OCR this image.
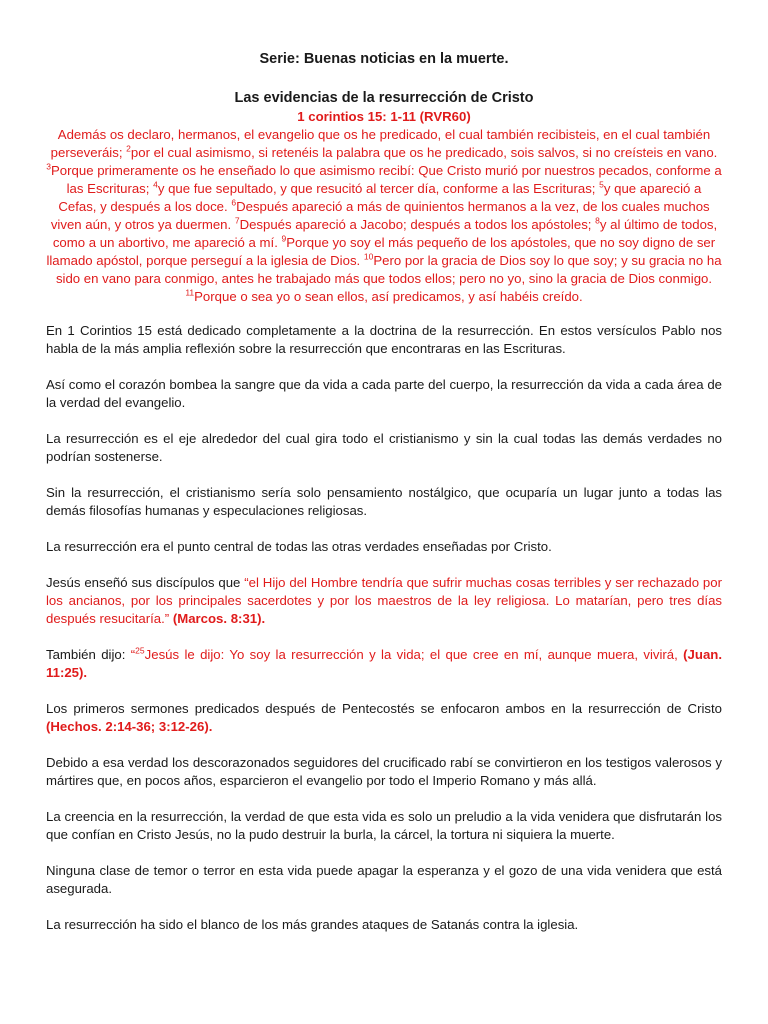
Serie: Buenas noticias en la muerte.
Las evidencias de la resurrección de Cristo
1 corintios 15: 1-11 (RVR60)
Además os declaro, hermanos, el evangelio que os he predicado, el cual también recibisteis, en el cual también perseveráis; $^2$por el cual asimismo, si retenéis la palabra que os he predicado, sois salvos, si no creísteis en vano. $^3$Porque primeramente os he enseñado lo que asimismo recibí: Que Cristo murió por nuestros pecados, conforme a las Escrituras; $^4$y que fue sepultado, y que resucitó al tercer día, conforme a las Escrituras; $^5$y que apareció a Cefas, y después a los doce. $^6$Después apareció a más de quinientos hermanos a la vez, de los cuales muchos viven aún, y otros ya duermen. $^7$Después apareció a Jacobo; después a todos los apóstoles; $^8$y al último de todos, como a un abortivo, me apareció a mí. $^9$Porque yo soy el más pequeño de los apóstoles, que no soy digno de ser llamado apóstol, porque perseguí a la iglesia de Dios. $^{10}$Pero por la gracia de Dios soy lo que soy; y su gracia no ha sido en vano para conmigo, antes he trabajado más que todos ellos; pero no yo, sino la gracia de Dios conmigo. $^{11}$Porque o sea yo o sean ellos, así predicamos, y así habéis creído.

En 1 Corintios 15 está dedicado completamente a la doctrina de la resurrección. En estos versículos Pablo nos habla de la más amplia reflexión sobre la resurrección que encontraras en las Escrituras.

Así como el corazón bombea la sangre que da vida a cada parte del cuerpo, la resurrección da vida a cada área de la verdad del evangelio.

La resurrección es el eje alrededor del cual gira todo el cristianismo y sin la cual todas las demás verdades no podrían sostenerse.

Sin la resurrección, el cristianismo sería solo pensamiento nostálgico, que ocuparía un lugar junto a todas las demás filosofías humanas y especulaciones religiosas.

La resurrección era el punto central de todas las otras verdades enseñadas por Cristo.

Jesús enseñó sus discípulos que “el Hijo del Hombre tendría que sufrir muchas cosas terribles y ser rechazado por los ancianos, por los principales sacerdotes y por los maestros de la ley religiosa. Lo matarían, pero tres días después resucitaría.” (Marcos. 8:31).

También dijo: “$^{25}$Jesús le dijo: Yo soy la resurrección y la vida; el que cree en mí, aunque muera, vivirá, (Juan. 11:25).

Los primeros sermones predicados después de Pentecostés se enfocaron ambos en la resurrección de Cristo (Hechos. 2:14-36; 3:12-26).

Debido a esa verdad los descorazonados seguidores del crucificado rabí se convirtieron en los testigos valerosos y mártires que, en pocos años, esparcieron el evangelio por todo el Imperio Romano y más allá.

La creencia en la resurrección, la verdad de que esta vida es solo un preludio a la vida venidera que disfrutarán los que confían en Cristo Jesús, no la pudo destruir la burla, la cárcel, la tortura ni siquiera la muerte.

Ninguna clase de temor o terror en esta vida puede apagar la esperanza y el gozo de una vida venidera que está asegurada.

La resurrección ha sido el blanco de los más grandes ataques de Satanás contra la iglesia.
